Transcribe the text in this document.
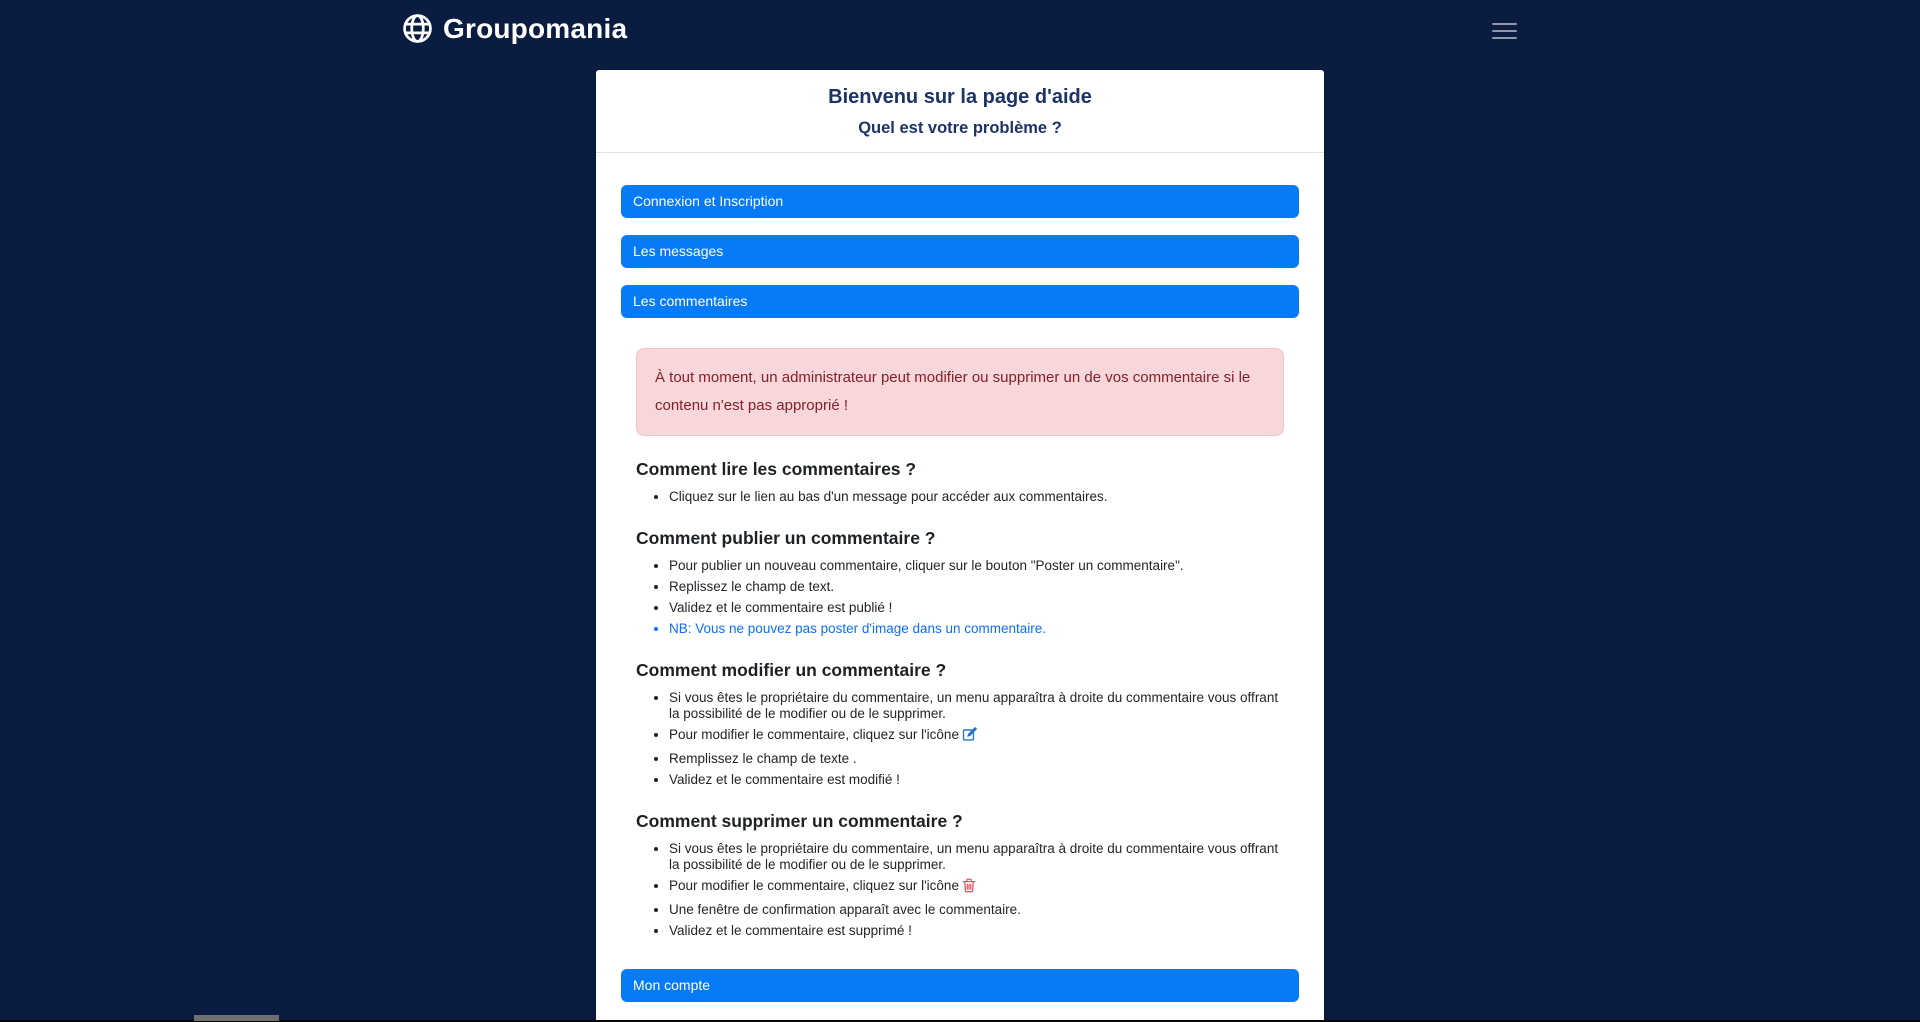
Groupomania
Bienvenu sur la page d'aide
Quel est votre problème ?
Connexion et Inscription
Les messages
Les commentaires
À tout moment, un administrateur peut modifier ou supprimer un de vos commentaire si le contenu n'est pas approprié !
Comment lire les commentaires ?
• Cliquez sur le lien au bas d'un message pour accéder aux commentaires.
Comment publier un commentaire ?
• Pour publier un nouveau commentaire, cliquer sur le bouton "Poster un commentaire".
• Replissez le champ de text.
• Validez et le commentaire est publié !
• NB: Vous ne pouvez pas poster d'image dans un commentaire.
Comment modifier un commentaire ?
• Si vous êtes le propriétaire du commentaire, un menu apparaîtra à droite du commentaire vous offrant la possibilité de le modifier ou de le supprimer.
• Pour modifier le commentaire, cliquez sur l'icône
• Remplissez le champ de texte .
• Validez et le commentaire est modifié !
Comment supprimer un commentaire ?
• Si vous êtes le propriétaire du commentaire, un menu apparaîtra à droite du commentaire vous offrant la possibilité de le modifier ou de le supprimer.
• Pour modifier le commentaire, cliquez sur l'icône
• Une fenêtre de confirmation apparaît avec le commentaire.
• Validez et le commentaire est supprimé !
Mon compte
